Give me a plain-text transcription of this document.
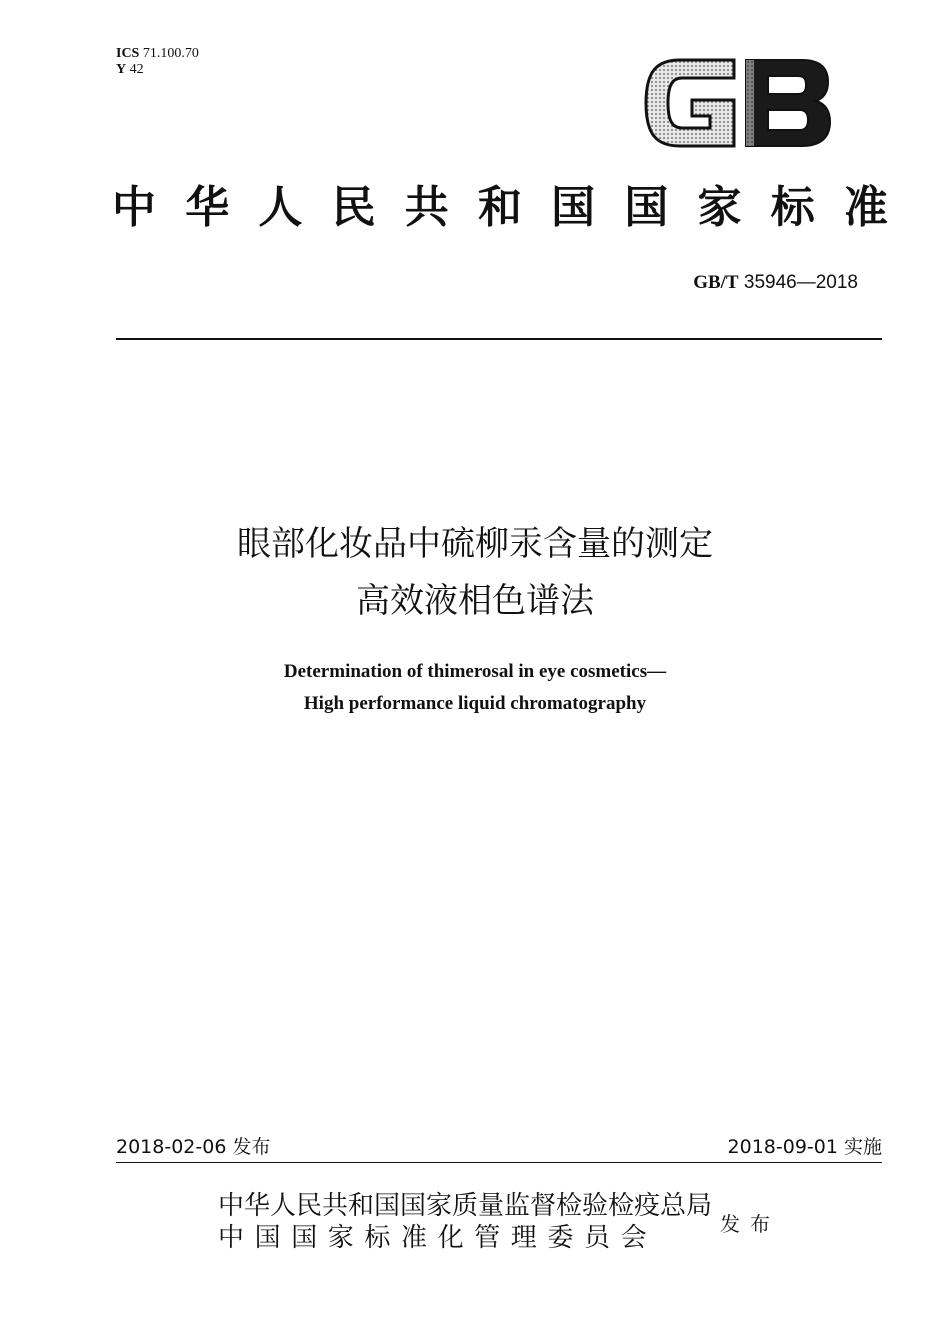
ICS 71.100.70
Y 42
中 华 人 民 共 和 国 国 家 标 准
GB/T 35946—2018
眼部化妆品中硫柳汞含量的测定
高效液相色谱法
Determination of thimerosal in eye cosmetics—
High performance liquid chromatography
2018-02-06 发布	2018-09-01 实施
中华人民共和国国家质量监督检验检疫总局
中国国家标准化管理委员会	发布
